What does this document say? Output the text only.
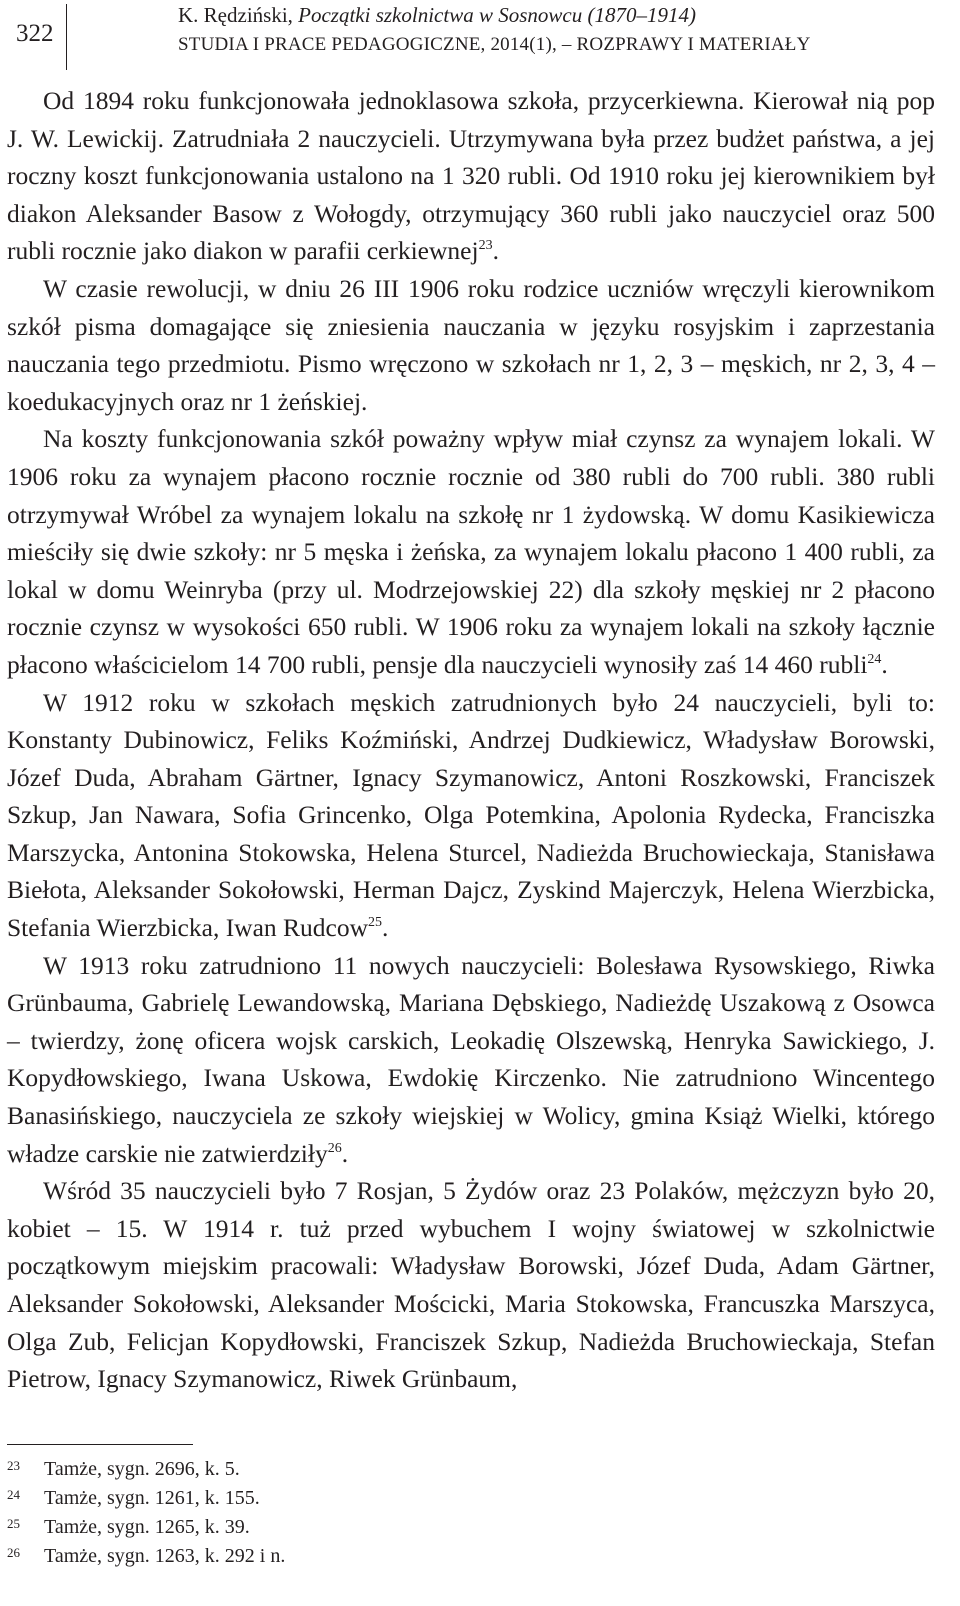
322
K. Rędziński, Początki szkolnictwa w Sosnowcu (1870–1914)
STUDIA I PRACE PEDAGOGICZNE, 2014(1), – ROZPRAWY I MATERIAŁY

Od 1894 roku funkcjonowała jednoklasowa szkoła, przycerkiewna. Kierował nią pop J. W. Lewickij. Zatrudniała 2 nauczycieli. Utrzymywana była przez budżet państwa, a jej roczny koszt funkcjonowania ustalono na 1 320 rubli. Od 1910 roku jej kierownikiem był diakon Aleksander Basow z Wołogdy, otrzymujący 360 rubli jako nauczyciel oraz 500 rubli rocznie jako diakon w parafii cerkiewnej$^{23}$.

W czasie rewolucji, w dniu 26 III 1906 roku rodzice uczniów wręczyli kierownikom szkół pisma domagające się zniesienia nauczania w języku rosyjskim i zaprzestania nauczania tego przedmiotu. Pismo wręczono w szkołach nr 1, 2, 3 – męskich, nr 2, 3, 4 – koedukacyjnych oraz nr 1 żeńskiej.

Na koszty funkcjonowania szkół poważny wpływ miał czynsz za wynajem lokali. W 1906 roku za wynajem płacono rocznie rocznie od 380 rubli do 700 rubli. 380 rubli otrzymywał Wróbel za wynajem lokalu na szkołę nr 1 żydowską. W domu Kasikiewicza mieściły się dwie szkoły: nr 5 męska i żeńska, za wynajem lokalu płacono 1 400 rubli, za lokal w domu Weinryba (przy ul. Modrzejowskiej 22) dla szkoły męskiej nr 2 płacono rocznie czynsz w wysokości 650 rubli. W 1906 roku za wynajem lokali na szkoły łącznie płacono właścicielom 14 700 rubli, pensje dla nauczycieli wynosiły zaś 14 460 rubli$^{24}$.

W 1912 roku w szkołach męskich zatrudnionych było 24 nauczycieli, byli to: Konstanty Dubinowicz, Feliks Koźmiński, Andrzej Dudkiewicz, Władysław Borowski, Józef Duda, Abraham Gärtner, Ignacy Szymanowicz, Antoni Roszkowski, Franciszek Szkup, Jan Nawara, Sofia Grincenko, Olga Potemkina, Apolonia Rydecka, Franciszka Marszycka, Antonina Stokowska, Helena Sturcel, Nadieżda Bruchowieckaja, Stanisława Biełota, Aleksander Sokołowski, Herman Dajcz, Zyskind Majerczyk, Helena Wierzbicka, Stefania Wierzbicka, Iwan Rudcow$^{25}$.

W 1913 roku zatrudniono 11 nowych nauczycieli: Bolesława Rysowskiego, Riwka Grünbauma, Gabrielę Lewandowską, Mariana Dębskiego, Nadieżdę Uszakową z Osowca – twierdzy, żonę oficera wojsk carskich, Leokadię Olszewską, Henryka Sawickiego, J. Kopydłowskiego, Iwana Uskowa, Ewdokię Kirczenko. Nie zatrudniono Wincentego Banasińskiego, nauczyciela ze szkoły wiejskiej w Wolicy, gmina Książ Wielki, którego władze carskie nie zatwierdziły$^{26}$.

Wśród 35 nauczycieli było 7 Rosjan, 5 Żydów oraz 23 Polaków, mężczyzn było 20, kobiet – 15. W 1914 r. tuż przed wybuchem I wojny światowej w szkolnictwie początkowym miejskim pracowali: Władysław Borowski, Józef Duda, Adam Gärtner, Aleksander Sokołowski, Aleksander Mościcki, Maria Stokowska, Francuszka Marszyca, Olga Zub, Felicjan Kopydłowski, Franciszek Szkup, Nadieżda Bruchowieckaja, Stefan Pietrow, Ignacy Szymanowicz, Riwek Grünbaum,

23 Tamże, sygn. 2696, k. 5.
24 Tamże, sygn. 1261, k. 155.
25 Tamże, sygn. 1265, k. 39.
26 Tamże, sygn. 1263, k. 292 i n.
